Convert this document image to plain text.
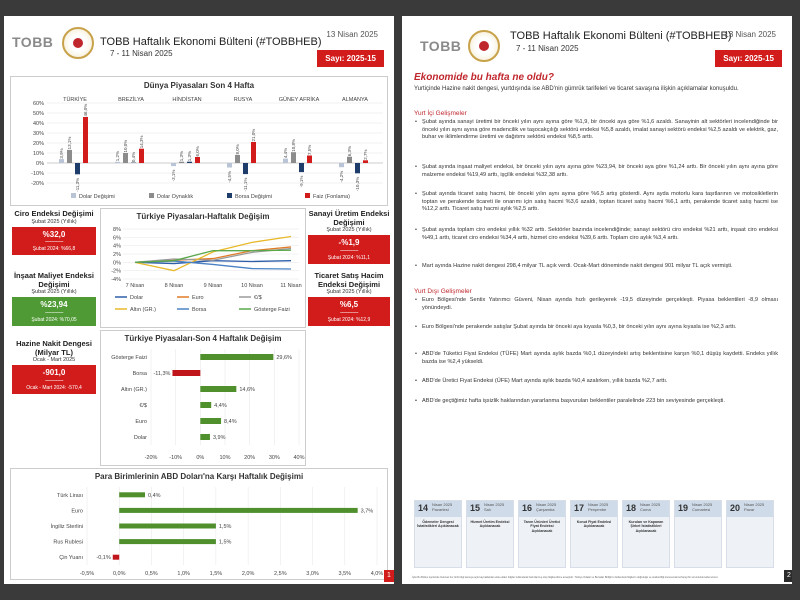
TOBB	TOBB Haftalık Ekonomi Bülteni (#TOBBHEB)
7 - 11 Nisan 2025
13 Nisan 2025
Sayı: 2025-15
Dünya Piyasaları Son 4 Hafta
60%
50%
40%
30%
20%
10%
0%
-10%
-20%
TÜRKİYE
3,9%
13,1%
-11,3%
46,0%
BREZİLYA
1,2%
10,0%
0,4%
14,3%
HİNDİSTAN
-3,1%
1,3% 1,3% 6,0%
RUSYA
-4,5%
8,0%
-11,1%
21,0%
GÜNEY AFRİKA
4,4%
10,8%
-9,1%
7,5%
ALMANYA
-4,2%
6,3%
-10,3%
2,7%
Dolar Değişimi	Dolar Oynaklık	Borsa Değişimi	Faiz (Fonlama)
Türkiye Piyasaları-Haftalık Değişim
8%
6%
4%
2%
0%
-2%
-4%
7 Nisan	8 Nisan	9 Nisan	10 Nisan	11 Nisan
Dolar	Euro	€/$
Altın (GR.)	Borsa	Gösterge Faizi
Türkiye Piyasaları-Son 4 Haftalık Değişim
-20% -10%	0%	10% 20% 30% 40%
Gösterge Faizi	29,6%
Borsa -11,3%
Altın (GR.)	14,6%
€/$	4,4%
Euro	8,4%
Dolar	3,9%
Para Birimlerinin ABD Doları'na Karşı Haftalık Değişimi
-0,5%	0,0%	0,5%	1,0%	1,5%	2,0%	2,5%	3,0%	3,5%	4,0%
Türk Lirası	0,4%
Euro	3,7%
İngiliz Sterlini	1,5%
Rus Rublesi	1,5%
Çin Yuanı -0,1%
Ciro Endeksi Değişimi
Şubat 2025 (Yıllık)
%32,0
------------
Şubat 2024: %66,8
İnşaat Maliyet Endeksi Değişimi
Şubat 2025 (Yıllık)
%23,94
------------
Şubat 2024: %70,05
Hazine Nakit Dengesi (Milyar TL)
Ocak - Mart 2025
-901,0
------------
Ocak - Mart 2024: -570,4
Sanayi Üretim Endeksi Değişimi
Şubat 2025 (Yıllık)
-%1,9
------------
Şubat 2024: %11,1
Ticaret Satış Hacim Endeksi Değişimi
Şubat 2025 (Yıllık)
%6,5
------------
Şubat 2024: %12,9
1
TOBB
TOBB Haftalık Ekonomi Bülteni (#TOBBHEB)
7 - 11 Nisan 2025
13 Nisan 2025
Sayı: 2025-15
Ekonomide bu hafta ne oldu?
Yurtiçinde Hazine nakit dengesi, yurtdışında ise ABD'nin gümrük tarifeleri ve ticaret savaşına ilişkin açıklamalar konuşuldu.
Yurt İçi Gelişmeler
• Şubat ayında sanayi üretimi bir önceki yılın aynı ayına göre %1,9, bir önceki aya göre %1,6 azaldı. Sanayinin alt sektörleri incelendiğinde bir önceki yılın aynı ayına göre madencilik ve taşocakçılığı sektörü endeksi %5,8 azaldı, imalat sanayi sektörü endeksi %2,5 azaldı ve elektrik, gaz, buhar ve iklimlendirme üretimi ve dağıtımı sektörü endeksi %8,5 arttı.
• Şubat ayında inşaat maliyet endeksi, bir önceki yılın aynı ayına göre %23,94, bir önceki aya göre %1,24 arttı. Bir önceki yılın aynı ayına göre malzeme endeksi %19,49 arttı, işçilik endeksi %32,38 arttı.
• Şubat ayında ticaret satış hacmi, bir önceki yılın aynı ayına göre %6,5 artış gösterdi. Aynı ayda motorlu kara taşıtlarının ve motosikletlerin toptan ve perakende ticareti ile onarımı için satış hacmi %3,6 azaldı, toptan ticaret satış hacmi %6,1 arttı, perakende ticaret satış hacmi ise %12,2 arttı. Ticaret satış hacmi aylık %2,5 arttı.
• Şubat ayında toplam ciro endeksi yıllık %32 arttı. Sektörler bazında incelendiğinde; sanayi sektörü ciro endeksi %21 arttı, inşaat ciro endeksi %49,1 arttı, ticaret ciro endeksi %34,4 arttı, hizmet ciro endeksi %39,6 arttı. Toplam ciro aylık %3,4 arttı.
• Mart ayında Hazine nakit dengesi 298,4 milyar TL açık verdi. Ocak-Mart döneminde nakit dengesi 901 milyar TL açık vermişti.
Yurt Dışı Gelişmeler
• Euro Bölgesi'nde Sentix Yatırımcı Güveni, Nisan ayında hızlı gerileyerek -19,5 düzeyinde gerçekleşti. Piyasa beklentileri -8,9 olması yönündeydi.
• Euro Bölgesi'nde perakende satışlar Şubat ayında bir önceki aya kıyasla %0,3, bir önceki yılın aynı ayına kıyasla ise %2,3 arttı.
• ABD'de Tüketici Fiyat Endeksi (TÜFE) Mart ayında aylık bazda %0,1 düzeyindeki artış beklentisine karşın %0,1 düşüş kaydetti. Endeks yıllık bazda ise %2,4 yükseldi.
• ABD'de Üretici Fiyat Endeksi (ÜFE) Mart ayında aylık bazda %0,4 azalırken, yıllık bazda %2,7 arttı.
• ABD'de geçtiğimiz hafta işsizlik haklarından yararlanma başvuruları beklentiler paralelinde 223 bin seviyesinde gerçekleşti.
14 Nisan 2025
Pazartesi
Ödemeler Dengesi İstatistikleri Açıklanacak
15 Nisan 2025
Salı
Hizmet Üretim Endeksi Açıklanacak
16 Nisan 2025
Çarşamba
Tarım Ürünleri Üretici Fiyat Endeksi Açıklanacak
17 Nisan 2025
Perşembe
Konut Fiyat Endeksi Açıklanacak
18 Nisan 2025
Cuma
Kurulan ve Kapanan Şirket İstatistikleri Açıklanacak
19 Nisan 2025
Cumartesi 20 Nisan 2025
Pazar
İşbu Bu Bülten içerisinde bulunan her türlü bilgi kamuya açık kaynaklardan elde edilen bilgiler kullanılarak hazırlanmış olup bilgilendirme amaçlıdır. Türkiye Odalar ve Borsalar Birliği bu bültendeki bilgilerin doğruluğu ve eksiksizliği konusunda herhangi bir sorumluluk kabul etmez.	2
